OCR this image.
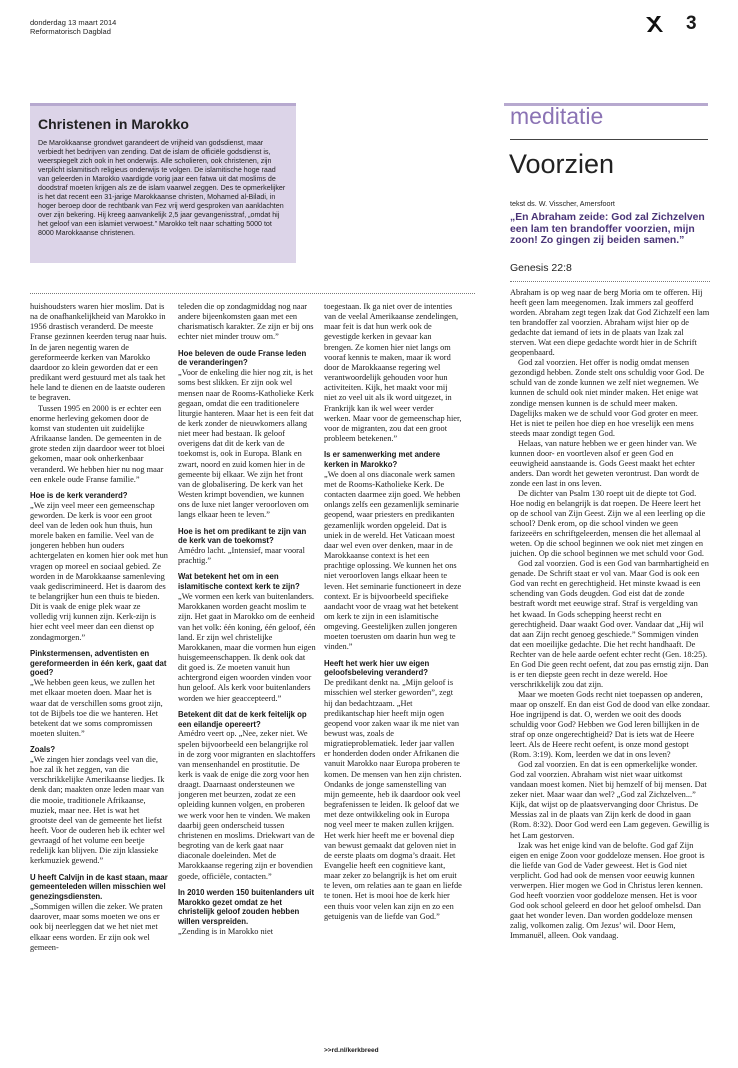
donderdag 13 maart 2014
Reformatorisch Dagblad	3
Christenen in Marokko
De Marokkaanse grondwet garandeert de vrijheid van godsdienst, maar verbiedt het bedrijven van zending. Dat de islam de officiële godsdienst is, weerspiegelt zich ook in het onderwijs. Alle scholieren, ook christenen, zijn verplicht islamitisch religieus onderwijs te volgen. De islamitische hoge raad van geleerden in Marokko vaardigde vorig jaar een fatwa uit dat moslims de doodstraf moeten krijgen als ze de islam vaarwel zeggen. Des te opmerkelijker is het dat recent een 31-jarige Marokkaanse christen, Mohamed al-Biladi, in hoger beroep door de rechtbank van Fez vrij werd gesproken van aanklachten over zijn bekering. Hij kreeg aanvankelijk 2,5 jaar gevangenisstraf, „omdat hij het geloof van een islamiet verwoest.” Marokko telt naar schatting 5000 tot 8000 Marokkaanse christenen.

huishoudsters waren hier moslim. Dat is na de onafhankelijkheid van Marokko in 1956 drastisch veranderd. De meeste Franse gezinnen keerden terug naar huis. In de jaren negentig waren de gereformeerde kerken van Marokko daardoor zo klein geworden dat er een predikant werd gestuurd met als taak het hele land te dienen en de laatste ouderen te begraven.

Tussen 1995 en 2000 is er echter een enorme herleving gekomen door de komst van studenten uit zuidelijke Afrikaanse landen. De gemeenten in de grote steden zijn daardoor weer tot bloei gekomen, maar ook onherkenbaar veranderd. We hebben hier nu nog maar een enkele oude Franse familie.”

Hoe is de kerk veranderd?

„We zijn veel meer een gemeenschap geworden. De kerk is voor een groot deel van de leden ook hun thuis, hun morele baken en familie. Veel van de jongeren hebben hun ouders achtergelaten en komen hier ook met hun vragen op moreel en sociaal gebied. Ze worden in de Marokkaanse samenleving vaak gediscrimineerd. Het is daarom des te belangrijker hun een thuis te bieden. Dit is vaak de enige plek waar ze volledig vrij kunnen zijn. Kerk-zijn is hier echt veel meer dan een dienst op zondagmorgen.”

Pinkstermensen, adventisten en gereformeerden in één kerk, gaat dat goed?

„We hebben geen keus, we zullen het met elkaar moeten doen. Maar het is waar dat de verschillen soms groot zijn, tot de Bijbels toe die we hanteren. Het betekent dat we soms compromissen moeten sluiten.”

Zoals?

„We zingen hier zondags veel van die, hoe zal ik het zeggen, van die verschrikkelijke Amerikaanse liedjes. Ik denk dan; maakten onze leden maar van die mooie, traditionele Afrikaanse, muziek, maar nee. Het is wat het grootste deel van de gemeente het liefst heeft. Voor de ouderen heb ik echter wel gevraagd of het volume een beetje redelijk kan blijven. Die zijn klassieke kerkmuziek gewend.”

U heeft Calvijn in de kast staan, maar gemeenteleden willen misschien wel genezingsdiensten.

„Sommigen willen die zeker. We praten daarover, maar soms moeten we ons er ook bij neerleggen dat we het niet met elkaar eens worden. Er zijn ook wel gemeen-

teleden die op zondagmiddag nog naar andere bijeenkomsten gaan met een charismatisch karakter. Ze zijn er bij ons echter niet minder trouw om.”

Hoe beleven de oude Franse leden de veranderingen?

„Voor de enkeling die hier nog zit, is het soms best slikken. Er zijn ook wel mensen naar de Rooms-Katholieke Kerk gegaan, omdat die een traditionelere liturgie hanteren. Maar het is een feit dat de kerk zonder de nieuwkomers allang niet meer had bestaan. Ik geloof overigens dat dit de kerk van de toekomst is, ook in Europa. Blank en zwart, noord en zuid komen hier in de gemeente bij elkaar. We zijn het front van de globalisering. De kerk van het Westen krimpt bovendien, we kunnen ons de luxe niet langer veroorloven om langs elkaar heen te leven.”

Hoe is het om predikant te zijn van de kerk van de toekomst?

Amédro lacht. „Intensief, maar vooral prachtig.”

Wat betekent het om in een islamitische context kerk te zijn?

„We vormen een kerk van buitenlanders. Marokkanen worden geacht moslim te zijn. Het gaat in Marokko om de eenheid van het volk: één koning, één geloof, één land. Er zijn wel christelijke Marokkanen, maar die vormen hun eigen huisgemeenschappen. Ik denk ook dat dit goed is. Ze moeten vanuit hun achtergrond eigen woorden vinden voor hun geloof. Als kerk voor buitenlanders worden we hier geaccepteerd.”

Betekent dit dat de kerk feitelijk op een eilandje opereert?

Amédro veert op. „Nee, zeker niet. We spelen bijvoorbeeld een belangrijke rol in de zorg voor migranten en slachtoffers van mensenhandel en prostitutie. De kerk is vaak de enige die zorg voor hen draagt. Daarnaast ondersteunen we jongeren met beurzen, zodat ze een opleiding kunnen volgen, en proberen we werk voor hen te vinden. We maken daarbij geen onderscheid tussen christenen en moslims. Driekwart van de begroting van de kerk gaat naar diaconale doeleinden. Met de Marokkaanse regering zijn er bovendien goede, officiële, contacten.”

In 2010 werden 150 buitenlanders uit Marokko gezet omdat ze het christelijk geloof zouden hebben willen verspreiden.

„Zending is in Marokko niet

toegestaan. Ik ga niet over de intenties van de veelal Amerikaanse zendelingen, maar feit is dat hun werk ook de gevestigde kerken in gevaar kan brengen. Ze komen hier niet langs om vooraf kennis te maken, maar ik word door de Marokkaanse regering wel verantwoordelijk gehouden voor hun activiteiten. Kijk, het maakt voor mij niet zo veel uit als ik word uitgezet, in Frankrijk kan ik wel weer verder werken. Maar voor de gemeenschap hier, voor de migranten, zou dat een groot probleem betekenen.”

Is er samenwerking met andere kerken in Marokko?

„We doen al ons diaconale werk samen met de Rooms-Katholieke Kerk. De contacten daarmee zijn goed. We hebben onlangs zelfs een gezamenlijk seminarie geopend, waar priesters en predikanten gezamenlijk worden opgeleid. Dat is uniek in de wereld. Het Vaticaan moest daar wel even over denken, maar in de Marokkaanse context is het een prachtige oplossing. We kunnen het ons niet veroorloven langs elkaar heen te leven. Het seminarie functioneert in deze context. Er is bijvoorbeeld specifieke aandacht voor de vraag wat het betekent om kerk te zijn in een islamitische omgeving. Geestelijken zullen jongeren moeten toerusten om daarin hun weg te vinden.”

Heeft het werk hier uw eigen geloofsbeleving veranderd?

De predikant denkt na. „Mijn geloof is misschien wel sterker geworden”, zegt hij dan bedachtzaam. „Het predikantschap hier heeft mijn ogen geopend voor zaken waar ik me niet van bewust was, zoals de migratieproblematiek. Ieder jaar vallen er honderden doden onder Afrikanen die vanuit Marokko naar Europa proberen te komen. De mensen van hen zijn christen. Ondanks de jonge samenstelling van mijn gemeente, heb ik daardoor ook veel begrafenissen te leiden. Ik geloof dat we met deze ontwikkeling ook in Europa nog veel meer te maken zullen krijgen. Het werk hier heeft me er bovenal diep van bewust gemaakt dat geloven niet in de eerste plaats om dogma’s draait. Het Evangelie heeft een cognitieve kant, maar zeker zo belangrijk is het om eruit te leven, om relaties aan te gaan en liefde te tonen. Het is mooi hoe de kerk hier een thuis voor velen kan zijn en zo een getuigenis van de liefde van God.”

>>rd.nl/kerkbreed
meditatie
Voorzien
tekst ds. W. Visscher, Amersfoort
„En Abraham zeide: God zal Zichzelven een lam ten brandoffer voorzien, mijn zoon! Zo gingen zij beiden samen.”
Genesis 22:8

Abraham is op weg naar de berg Moria om te offeren. Hij heeft geen lam meegenomen. Izak immers zal geofferd worden. Abraham zegt tegen Izak dat God Zichzelf een lam ten brandoffer zal voorzien. Abraham wijst hier op de gedachte dat iemand of iets in de plaats van Izak zal sterven. Wat een diepe gedachte wordt hier in de Schrift geopenbaard.

God zal voorzien. Het offer is nodig omdat mensen gezondigd hebben. Zonde stelt ons schuldig voor God. De schuld van de zonde kunnen we zelf niet wegnemen. We kunnen de schuld ook niet minder maken. Het enige wat zondige mensen kunnen is de schuld meer maken. Dagelijks maken we de schuld voor God groter en meer. Het is niet te peilen hoe diep en hoe vreselijk een mens steeds maar zondigt tegen God.

Helaas, van nature hebben we er geen hinder van. We kunnen door- en voortleven alsof er geen God en eeuwigheid aanstaande is. Gods Geest maakt het echter anders. Dan wordt het geweten verontrust. Dan wordt de zonde een last in ons leven.

De dichter van Psalm 130 roept uit de diepte tot God. Hoe nodig en belangrijk is dat roepen. De Heere leert het op de school van Zijn Geest. Zijn we al een leerling op die school? Denk erom, op die school vinden we geen farizeeërs en schriftgeleerden, mensen die het allemaal al weten. Op die school beginnen we ook niet met zingen en juichen. Op die school beginnen we met schuld voor God.

God zal voorzien. God is een God van barmhartigheid en genade. De Schrift staat er vol van. Maar God is ook een God van recht en gerechtigheid. Het minste kwaad is een schending van Gods deugden. God eist dat de zonde bestraft wordt met eeuwige straf. Straf is vergelding van het kwaad. In Gods schepping heerst recht en gerechtigheid. Daar waakt God over. Vandaar dat „Hij wil dat aan Zijn recht genoeg geschiede.” Sommigen vinden dat een moeilijke gedachte. Die het recht handhaaft. De Rechter van de hele aarde oefent echter recht (Gen. 18:25). En God Die geen recht oefent, dat zou pas ernstig zijn. Dan is er ten diepste geen recht in deze wereld. Hoe verschrikkelijk zou dat zijn.

Maar we moeten Gods recht niet toepassen op anderen, maar op onszelf. En dan eist God de dood van elke zondaar. Hoe ingrijpend is dat. O, werden we ooit des doods schuldig voor God? Hebben we God leren billijken in de straf op onze ongerechtigheid? Dat is iets wat de Heere leert. Als de Heere recht oefent, is onze mond gestopt (Rom. 3:19). Kom, leerden we dat in ons leven?

God zal voorzien. En dat is een opmerkelijke wonder. God zal voorzien. Abraham wist niet waar uitkomst vandaan moest komen. Niet bij hemzelf of bij mensen. Dat zeker niet. Maar waar dan wel? „God zal Zichzelven...” Kijk, dat wijst op de plaatsvervanging door Christus. De Messias zal in de plaats van Zijn kerk de dood in gaan (Rom. 8:32). Door God werd een Lam gegeven. Gewillig is het Lam gestorven.

Izak was het enige kind van de belofte. God gaf Zijn eigen en enige Zoon voor goddeloze mensen. Hoe groot is die liefde van God de Vader geweest. Het is God niet verplicht. God had ook de mensen voor eeuwig kunnen verwerpen. Hier mogen we God in Christus leren kennen. God heeft voorzien voor goddeloze mensen. Het is voor God ook school geleerd en door het geloof omhelsd. Dan gaat het wonder leven. Dan worden goddeloze mensen zalig, volkomen zalig. Om Jezus’ wil. Door Hem, Immanuël, alleen. Ook vandaag.
